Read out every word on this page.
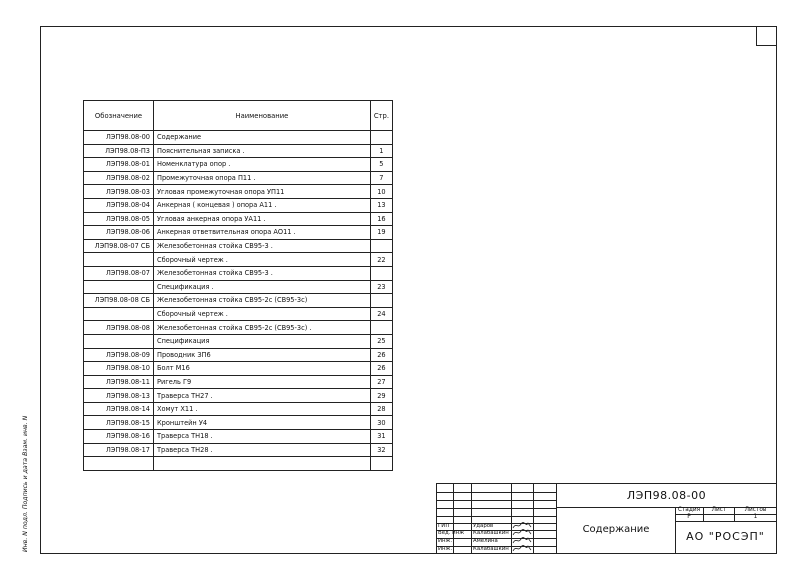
Инв. N подл. Подпись и дата Взам. инв. N
Обозначение	Наименование	Стр.
ЛЭП98.08-00	Содержание	
ЛЭП98.08-П3	Пояснительная записка .	1
ЛЭП98.08-01	Номенклатура опор .	5
ЛЭП98.08-02	Промежуточная опора П11 .	7
ЛЭП98.08-03	Угловая промежуточная опора УП11	10
ЛЭП98.08-04	Анкерная ( концевая ) опора А11 .	13
ЛЭП98.08-05	Угловая анкерная опора УА11 .	16
ЛЭП98.08-06	Анкерная ответвительная опора АО11 .	19
ЛЭП98.08-07 СБ	Железобетонная стойка СВ95-3 .	
	Сборочный чертеж .	22
ЛЭП98.08-07	Железобетонная стойка СВ95-3 .	
	Спецификация .	23
ЛЭП98.08-08 СБ	Железобетонная стойка СВ95-2с (СВ95-3с)	
	Сборочный чертеж .	24
ЛЭП98.08-08	Железобетонная стойка СВ95-2с (СВ95-3с) .	
	Спецификация	25
ЛЭП98.08-09	Проводник ЗП6	26
ЛЭП98.08-10	Болт М16	26
ЛЭП98.08-11	Ригель Г9	27
ЛЭП98.08-13	Траверса ТН27 .	29
ЛЭП98.08-14	Хомут Х11 .	28
ЛЭП98.08-15	Кронштейн У4	30
ЛЭП98.08-16	Траверса ТН18 .	31
ЛЭП98.08-17	Траверса ТН28 .	32

ГИП	Ударов
Вед. инж Калабашкин
Инж.	Амелина
Инж.	Калабашкин
ЛЭП98.08-00
Содержание
Стадия	Лист	Листов
Р	1
АО "РОСЭП"
